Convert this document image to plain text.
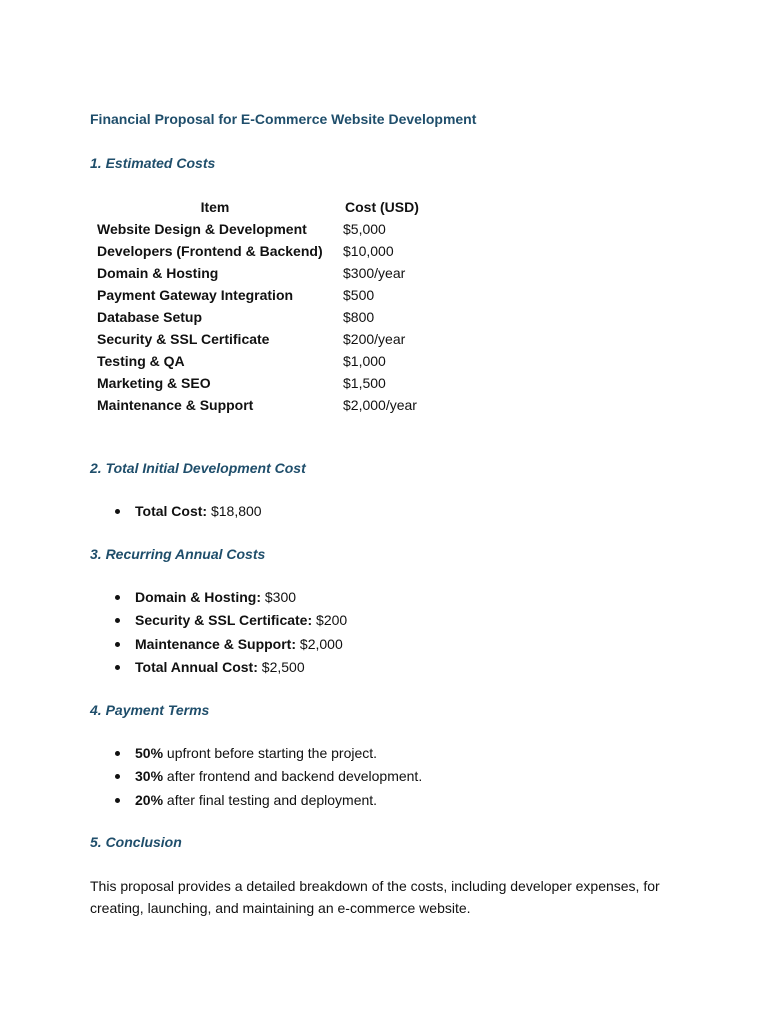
Financial Proposal for E-Commerce Website Development
1. Estimated Costs
Item	Cost (USD)
Website Design & Development	$5,000
Developers (Frontend & Backend)	$10,000
Domain & Hosting	$300/year
Payment Gateway Integration	$500
Database Setup	$800
Security & SSL Certificate	$200/year
Testing & QA	$1,000
Marketing & SEO	$1,500
Maintenance & Support	$2,000/year
2. Total Initial Development Cost
Total Cost: $18,800
3. Recurring Annual Costs
Domain & Hosting: $300
Security & SSL Certificate: $200
Maintenance & Support: $2,000
Total Annual Cost: $2,500
4. Payment Terms
50% upfront before starting the project.
30% after frontend and backend development.
20% after final testing and deployment.
5. Conclusion

This proposal provides a detailed breakdown of the costs, including developer expenses, for creating, launching, and maintaining an e-commerce website.
